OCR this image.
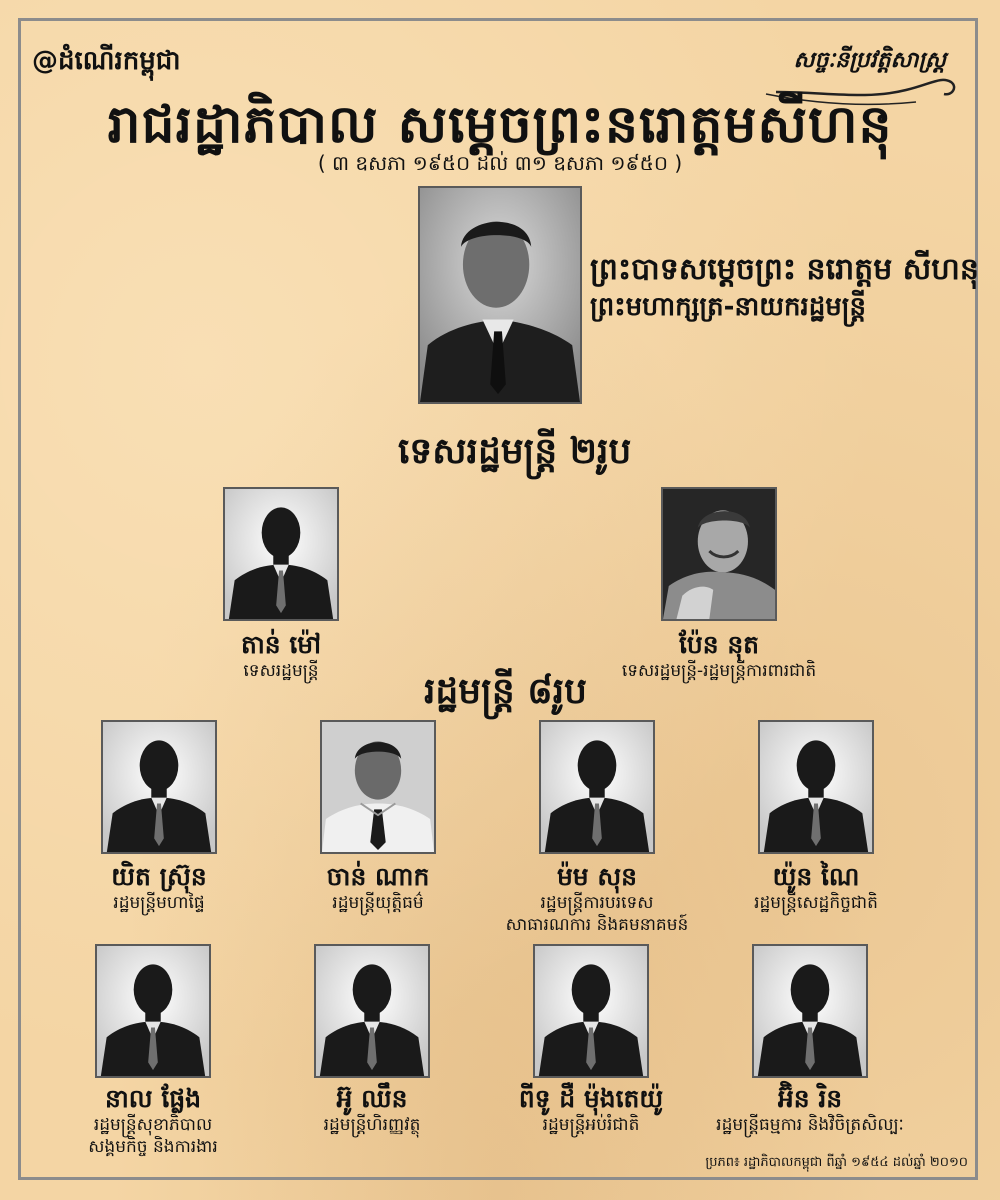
@ដំណើរកម្ពុជា	សច្ចៈនីប្រវត្តិសាស្ត្រ
រាជរដ្ឋាភិបាល សម្តេចព្រះនរោត្តមសីហនុ
( ៣ ឧសភា ១៩៥០ ដល់ ៣១ ឧសភា ១៩៥០ )
ព្រះបាទសម្តេចព្រះ នរោត្តម សីហនុ
ព្រះមហាក្សត្រ-នាយករដ្ឋមន្ត្រី
ទេសរដ្ឋមន្ត្រី ២រូប
តាន់ ម៉ៅ
ទេសរដ្ឋមន្ត្រី
ប៉ែន នុត
ទេសរដ្ឋមន្ត្រី-រដ្ឋមន្ត្រីការពារជាតិ
រដ្ឋមន្ត្រី ៨រូប
យិត ស្រ៊ុន
រដ្ឋមន្ត្រីមហាផ្ទៃ
ចាន់ ណាក
រដ្ឋមន្ត្រីយុត្តិធម៌
ម៉ម សុន
រដ្ឋមន្ត្រីការបរទេស
សាធារណការ និងគមនាគមន៍
យ៉ូន ណៃ
រដ្ឋមន្ត្រីសេដ្ឋកិច្ចជាតិ
នាល ផ្លែង
រដ្ឋមន្ត្រីសុខាភិបាល
សង្គមកិច្ច និងការងារ
អ៊ូ ឈឹន
រដ្ឋមន្ត្រីហិរញ្ញវត្ថុ
ពីទូ ដឺ ម៉ុងតេយ៉ូ
រដ្ឋមន្ត្រីអប់រំជាតិ
អ៊ិន រិន
រដ្ឋមន្ត្រីធម្មការ និងវិចិត្រសិល្បៈ
ប្រភព៖ រដ្ឋាភិបាលកម្ពុជា ពីឆ្នាំ ១៩៥៤ ដល់ឆ្នាំ ២០១០
